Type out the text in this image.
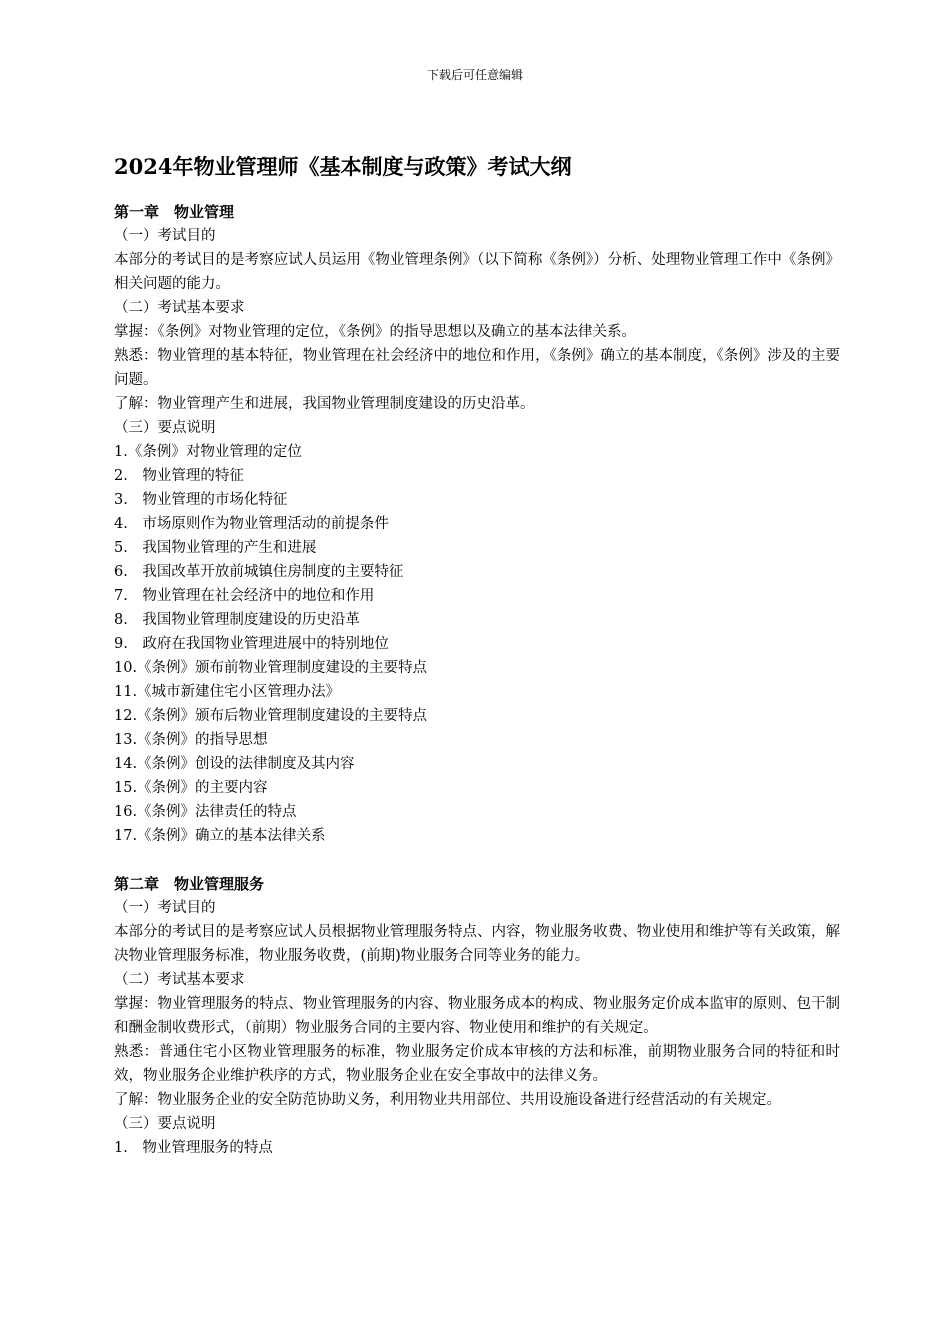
下载后可任意编辑
2024年物业管理师《基本制度与政策》考试大纲
第一章　物业管理

（一）考试目的

本部分的考试目的是考察应试人员运用《物业管理条例》（以下简称《条例》）分析、处理物业管理工作中《条例》相关问题的能力。

（二）考试基本要求

掌握：《条例》对物业管理的定位，《条例》的指导思想以及确立的基本法律关系。

熟悉：物业管理的基本特征，物业管理在社会经济中的地位和作用，《条例》确立的基本制度，《条例》涉及的主要问题。

了解：物业管理产生和进展，我国物业管理制度建设的历史沿革。

（三）要点说明

1.《条例》对物业管理的定位
2.　物业管理的特征
3.　物业管理的市场化特征
4.　市场原则作为物业管理活动的前提条件
5.　我国物业管理的产生和进展
6.　我国改革开放前城镇住房制度的主要特征
7.　物业管理在社会经济中的地位和作用
8.　我国物业管理制度建设的历史沿革
9.　政府在我国物业管理进展中的特别地位
10.《条例》颁布前物业管理制度建设的主要特点
11.《城市新建住宅小区管理办法》
12.《条例》颁布后物业管理制度建设的主要特点
13.《条例》的指导思想
14.《条例》创设的法律制度及其内容
15.《条例》的主要内容
16.《条例》法律责任的特点
17.《条例》确立的基本法律关系
第二章　物业管理服务

（一）考试目的

本部分的考试目的是考察应试人员根据物业管理服务特点、内容，物业服务收费、物业使用和维护等有关政策，解决物业管理服务标准，物业服务收费，(前期)物业服务合同等业务的能力。

（二）考试基本要求

掌握：物业管理服务的特点、物业管理服务的内容、物业服务成本的构成、物业服务定价成本监审的原则、包干制和酬金制收费形式，（前期）物业服务合同的主要内容、物业使用和维护的有关规定。

熟悉：普通住宅小区物业管理服务的标准，物业服务定价成本审核的方法和标准，前期物业服务合同的特征和时效，物业服务企业维护秩序的方式，物业服务企业在安全事故中的法律义务。

了解：物业服务企业的安全防范协助义务，利用物业共用部位、共用设施设备进行经营活动的有关规定。

（三）要点说明

1.　物业管理服务的特点
